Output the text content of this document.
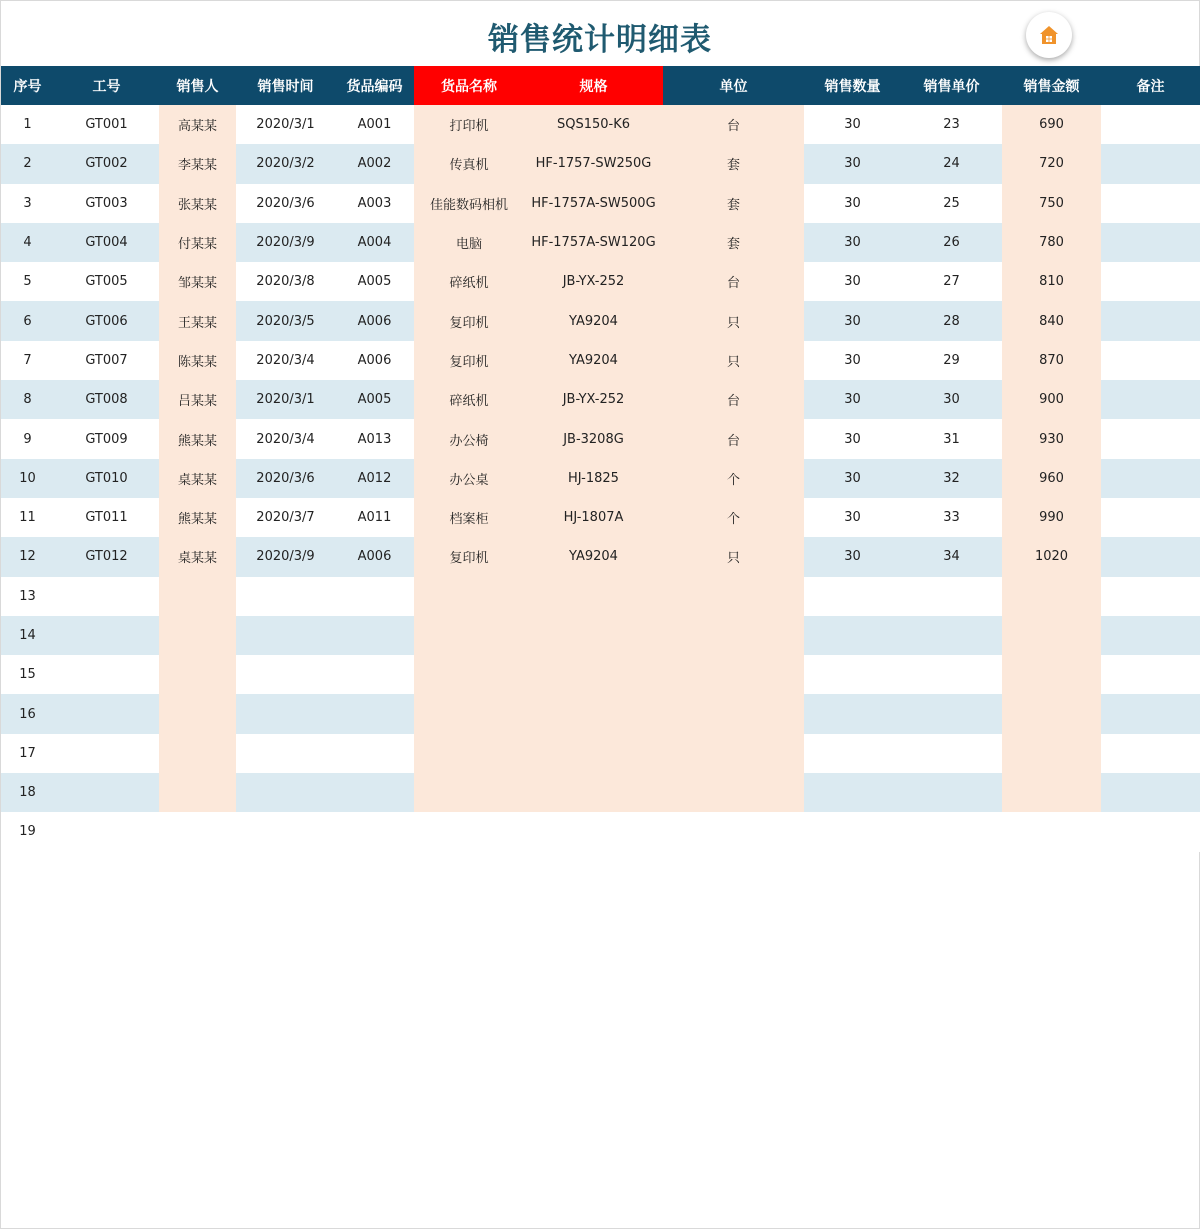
销售统计明细表
序号	工号	销售人	销售时间	货品编码	货品名称	规格	单位	销售数量	销售单价	销售金额	备注
1	GT001	高某某	2020/3/1	A001	打印机	SQS150-K6	台	30	23	690	
2	GT002	李某某	2020/3/2	A002	传真机	HF-1757-SW250G	套	30	24	720	
3	GT003	张某某	2020/3/6	A003	佳能数码相机	HF-1757A-SW500G	套	30	25	750	
4	GT004	付某某	2020/3/9	A004	电脑	HF-1757A-SW120G	套	30	26	780	
5	GT005	邹某某	2020/3/8	A005	碎纸机	JB-YX-252	台	30	27	810	
6	GT006	王某某	2020/3/5	A006	复印机	YA9204	只	30	28	840	
7	GT007	陈某某	2020/3/4	A006	复印机	YA9204	只	30	29	870	
8	GT008	吕某某	2020/3/1	A005	碎纸机	JB-YX-252	台	30	30	900	
9	GT009	熊某某	2020/3/4	A013	办公椅	JB-3208G	台	30	31	930	
10	GT010	桌某某	2020/3/6	A012	办公桌	HJ-1825	个	30	32	960	
11	GT011	熊某某	2020/3/7	A011	档案柜	HJ-1807A	个	30	33	990	
12	GT012	桌某某	2020/3/9	A006	复印机	YA9204	只	30	34	1020	
13											
14											
15											
16											
17											
18											
19											
